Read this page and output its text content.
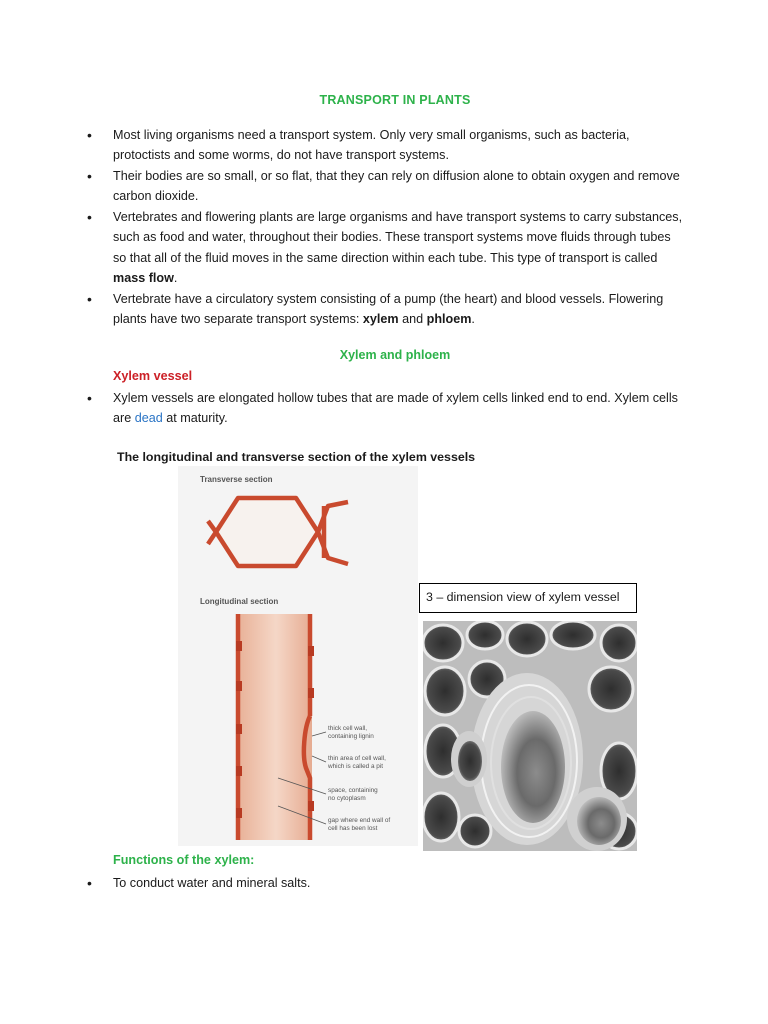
TRANSPORT IN PLANTS
• Most living organisms need a transport system. Only very small organisms, such as bacteria, protoctists and some worms, do not have transport systems.
• Their bodies are so small, or so flat, that they can rely on diffusion alone to obtain oxygen and remove carbon dioxide.
• Vertebrates and flowering plants are large organisms and have transport systems to carry substances, such as food and water, throughout their bodies. These transport systems move fluids through tubes so that all of the fluid moves in the same direction within each tube. This type of transport is called mass flow.
• Vertebrate have a circulatory system consisting of a pump (the heart) and blood vessels. Flowering plants have two separate transport systems: xylem and phloem.
Xylem and phloem
Xylem vessel
• Xylem vessels are elongated hollow tubes that are made of xylem cells linked end to end. Xylem cells are dead at maturity.
The longitudinal and transverse section of the xylem vessels
Transverse section
Longitudinal section
thick cell wall,
containing lignin
thin area of cell wall,
which is called a pit
space, containing
no cytoplasm
gap where end wall of
cell has been lost
3 – dimension view of xylem vessel
Functions of the xylem:
• To conduct water and mineral salts.
